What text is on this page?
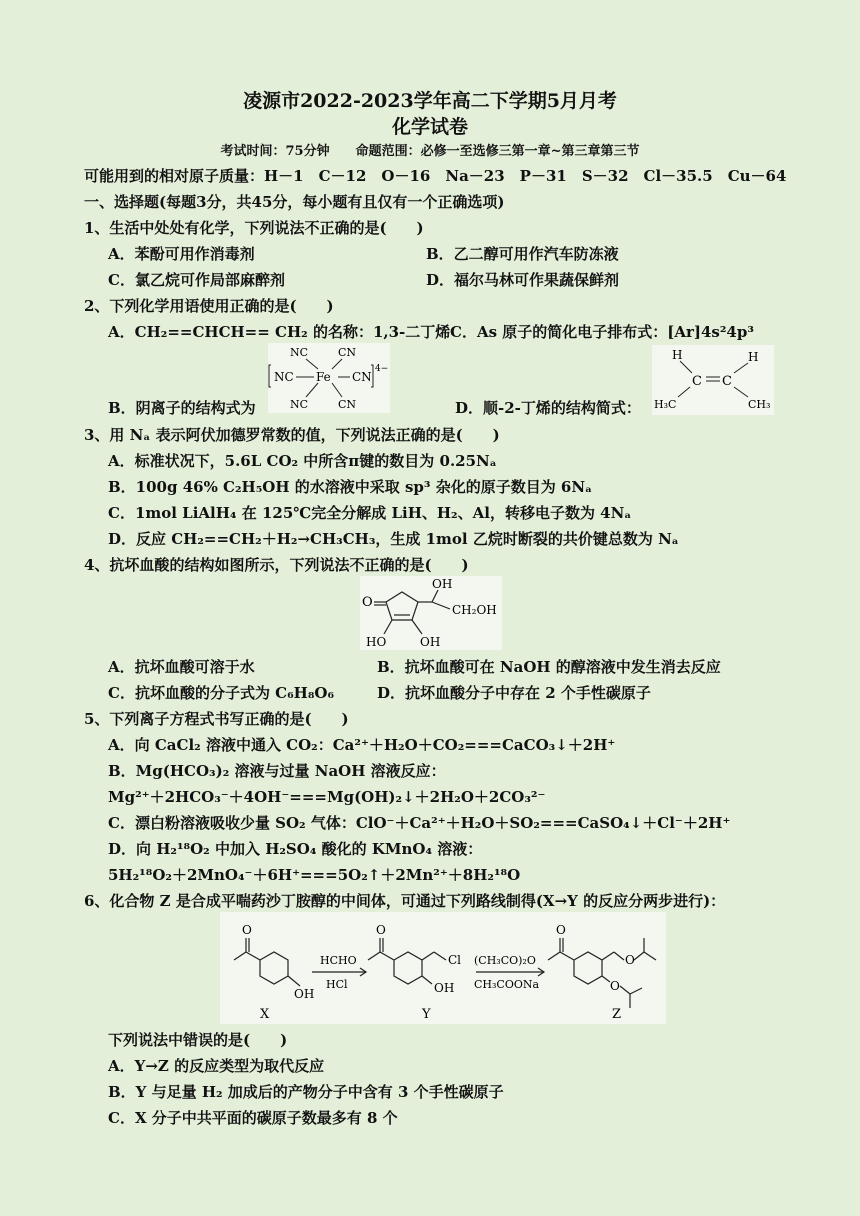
凌源市2022-2023学年高二下学期5月月考
化学试卷
考试时间：75分钟　　命题范围：必修一至选修三第一章~第三章第三节
可能用到的相对原子质量：H－1　C－12　O－16　Na－23　P－31　S－32　Cl－35.5　Cu－64
一、选择题(每题3分，共45分，每小题有且仅有一个正确选项)
1、生活中处处有化学，下列说法不正确的是(　　)
A．苯酚可用作消毒剂	B．乙二醇可用作汽车防冻液
C．氯乙烷可作局部麻醉剂	D．福尔马林可作果蔬保鲜剂
2、下列化学用语使用正确的是(　　)
A．CH₂==CHCH== CH₂ 的名称：1,3-二丁烯 C．As 原子的简化电子排布式：[Ar]4s²4p³
NC	CN
NC Fe CN
NC	CN
4−
B．阴离子的结构式为	D．顺-2-丁烯的结构简式：
H	H
C C
H₃C	CH₃
3、用 Nₐ 表示阿伏加德罗常数的值，下列说法正确的是(　　)
A．标准状况下，5.6L CO₂ 中所含π键的数目为 0.25Nₐ
B．100g 46% C₂H₅OH 的水溶液中采取 sp³ 杂化的原子数目为 6Nₐ
C．1mol LiAlH₄ 在 125℃完全分解成 LiH、H₂、Al，转移电子数为 4Nₐ
D．反应 CH₂==CH₂＋H₂→CH₃CH₃，生成 1mol 乙烷时断裂的共价键总数为 Nₐ
4、抗坏血酸的结构如图所示，下列说法不正确的是(　　)
OH
CH₂OH
O
HO	OH
A．抗坏血酸可溶于水	B．抗坏血酸可在 NaOH 的醇溶液中发生消去反应
C．抗坏血酸的分子式为 C₆H₈O₆	D．抗坏血酸分子中存在 2 个手性碳原子
5、下列离子方程式书写正确的是(　　)
A．向 CaCl₂ 溶液中通入 CO₂：Ca²⁺＋H₂O＋CO₂===CaCO₃↓＋2H⁺
B．Mg(HCO₃)₂ 溶液与过量 NaOH 溶液反应：
Mg²⁺＋2HCO₃⁻＋4OH⁻===Mg(OH)₂↓＋2H₂O＋2CO₃²⁻
C．漂白粉溶液吸收少量 SO₂ 气体：ClO⁻＋Ca²⁺＋H₂O＋SO₂===CaSO₄↓＋Cl⁻＋2H⁺
D．向 H₂¹⁸O₂ 中加入 H₂SO₄ 酸化的 KMnO₄ 溶液：
5H₂¹⁸O₂＋2MnO₄⁻＋6H⁺===5O₂↑＋2Mn²⁺＋8H₂¹⁸O
6、化合物 Z 是合成平喘药沙丁胺醇的中间体，可通过下列路线制得(X→Y 的反应分两步进行)：
O
OH
X
HCHO
HCl
O
Cl
OH
Y
(CH₃CO)₂O
CH₃COONa
O
O
O
Z
下列说法中错误的是(　　)
A．Y→Z 的反应类型为取代反应
B．Y 与足量 H₂ 加成后的产物分子中含有 3 个手性碳原子
C．X 分子中共平面的碳原子数最多有 8 个
